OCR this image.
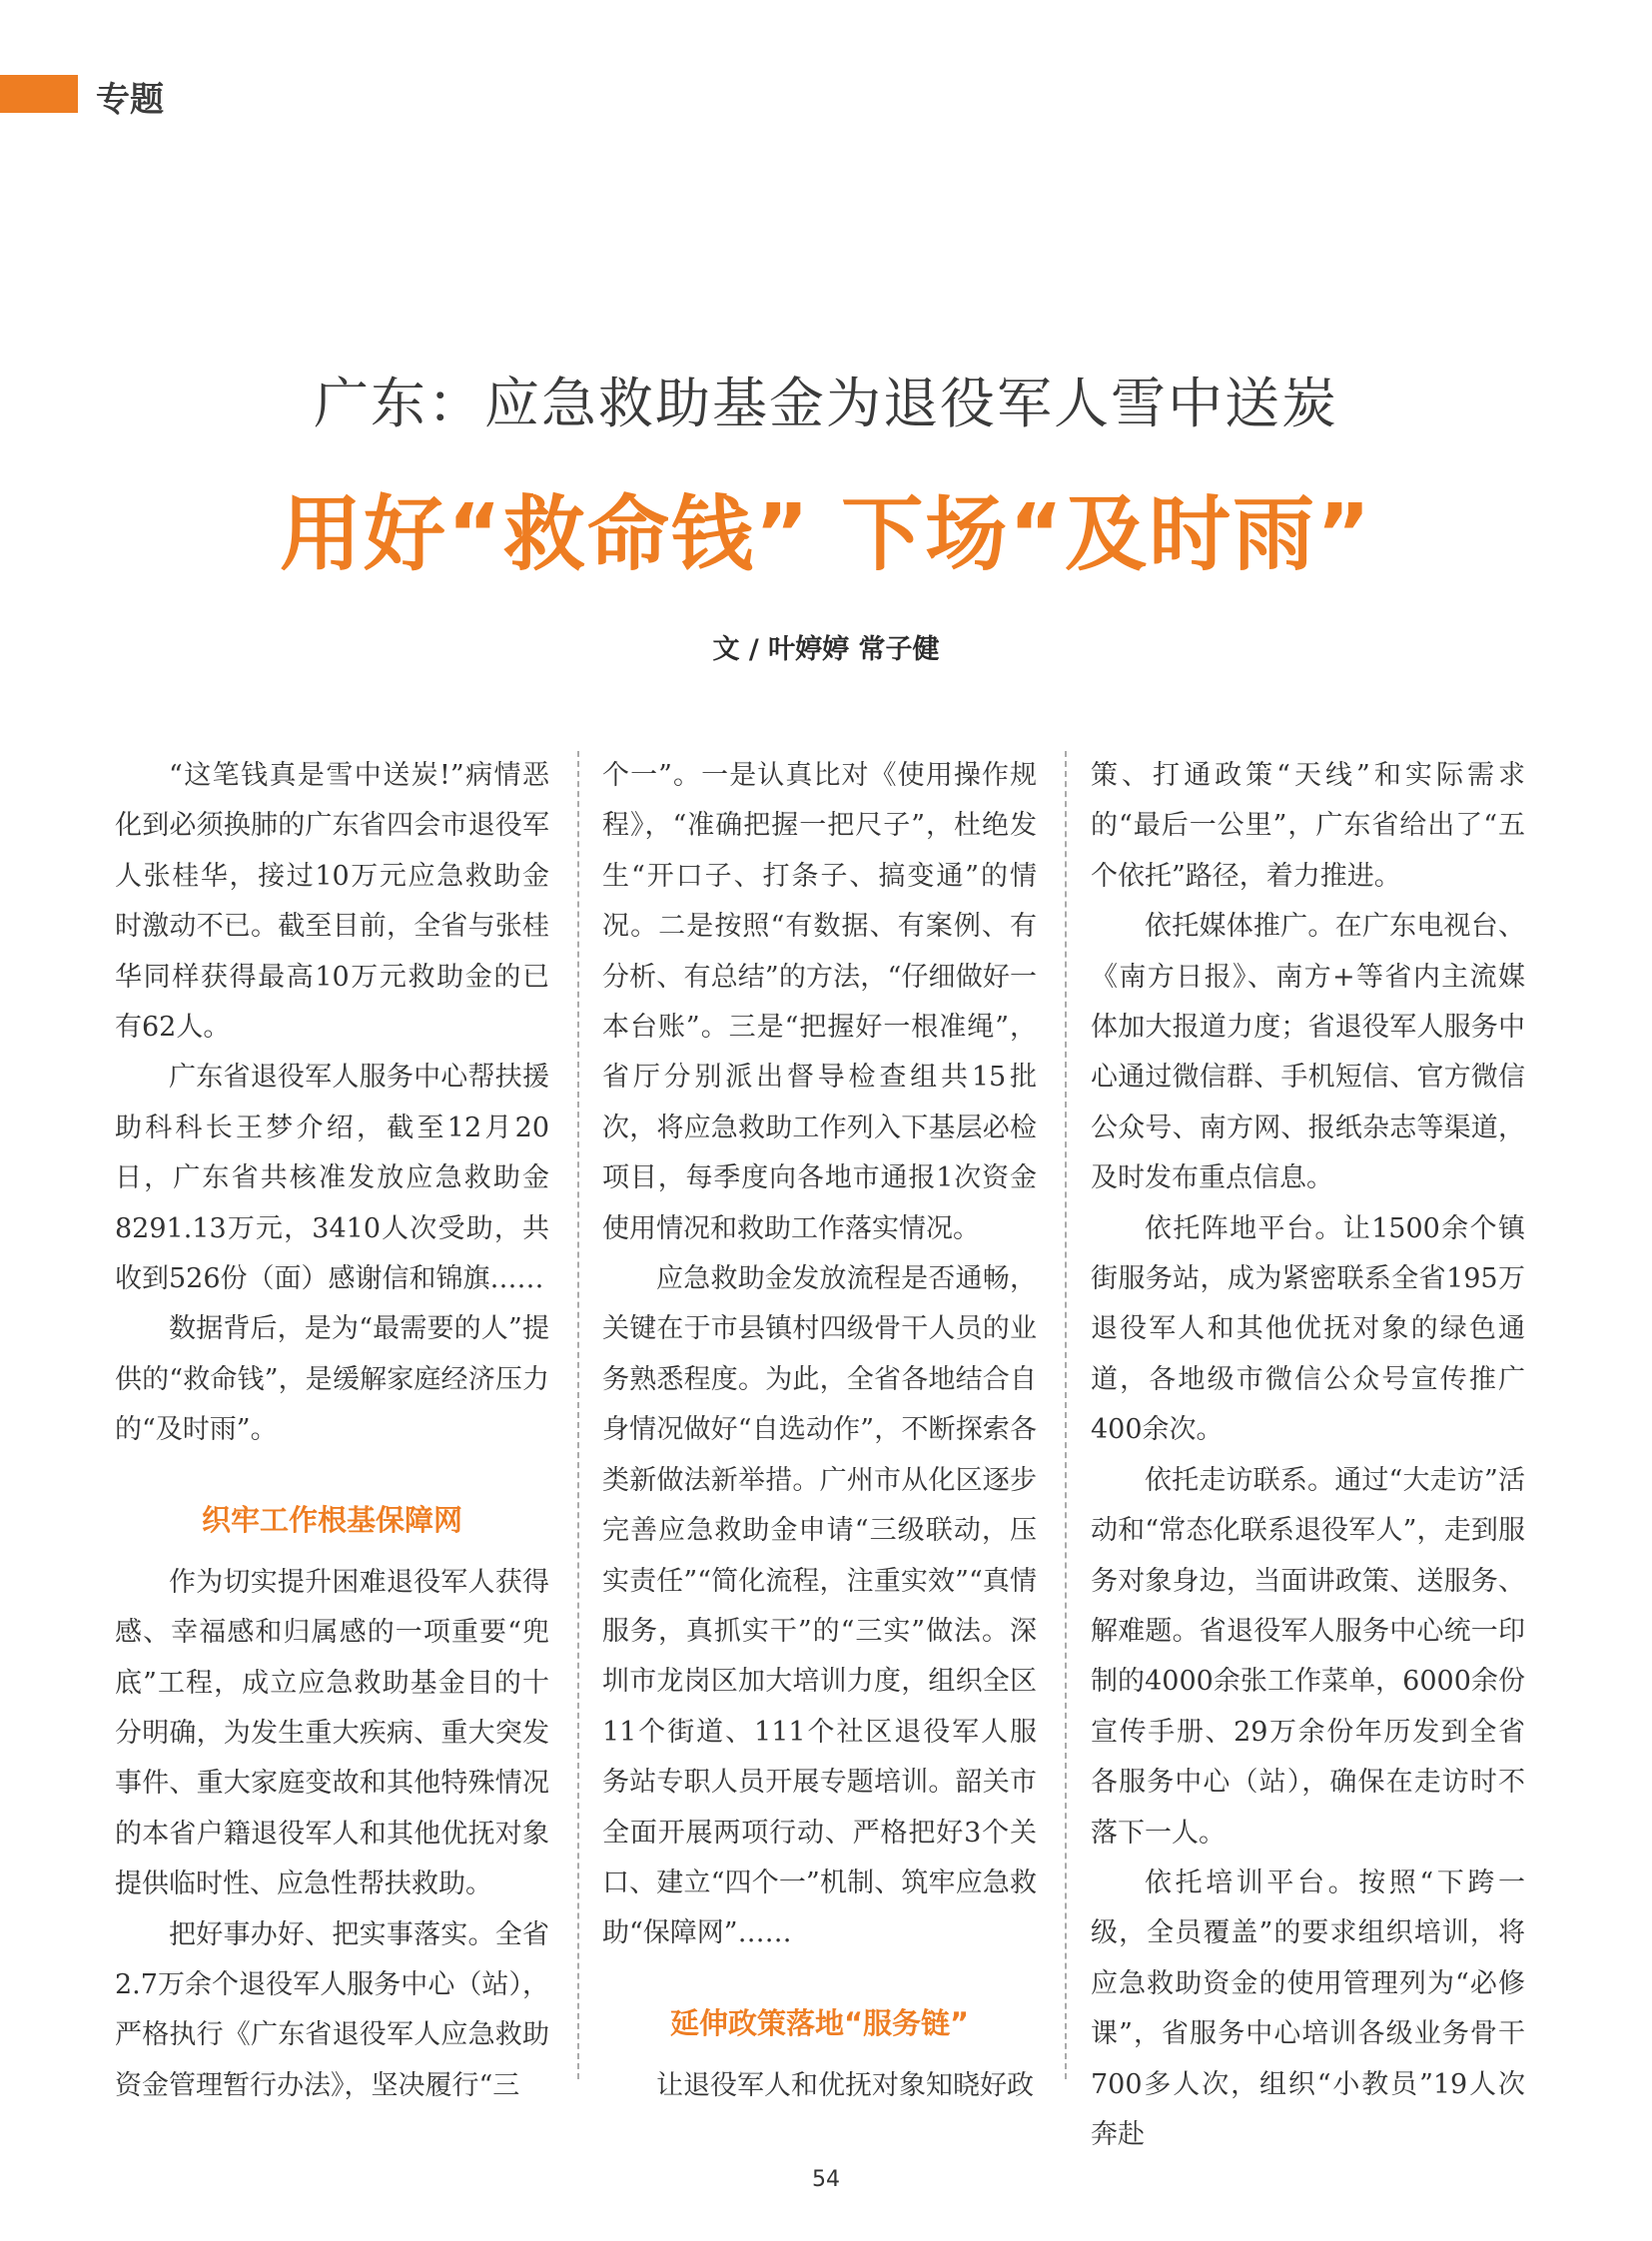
专题
广东：应急救助基金为退役军人雪中送炭
用好“救命钱” 下场“及时雨”
文 / 叶婷婷 常子健

“这笔钱真是雪中送炭!”病情恶化到必须换肺的广东省四会市退役军人张桂华，接过10万元应急救助金时激动不已。截至目前，全省与张桂华同样获得最高10万元救助金的已有62人。

广东省退役军人服务中心帮扶援助科科长王梦介绍，截至12月20日，广东省共核准发放应急救助金8291.13万元，3410人次受助，共收到526份（面）感谢信和锦旗……

数据背后，是为“最需要的人”提供的“救命钱”，是缓解家庭经济压力的“及时雨”。

织牢工作根基保障网

作为切实提升困难退役军人获得感、幸福感和归属感的一项重要“兜底”工程，成立应急救助基金目的十分明确，为发生重大疾病、重大突发事件、重大家庭变故和其他特殊情况的本省户籍退役军人和其他优抚对象提供临时性、应急性帮扶救助。

把好事办好、把实事落实。全省2.7万余个退役军人服务中心（站），严格执行《广东省退役军人应急救助资金管理暂行办法》，坚决履行“三

个一”。一是认真比对《使用操作规程》，“准确把握一把尺子”，杜绝发生“开口子、打条子、搞变通”的情况。二是按照“有数据、有案例、有分析、有总结”的方法，“仔细做好一本台账”。三是“把握好一根准绳”，省厅分别派出督导检查组共15批次，将应急救助工作列入下基层必检项目，每季度向各地市通报1次资金使用情况和救助工作落实情况。

应急救助金发放流程是否通畅，关键在于市县镇村四级骨干人员的业务熟悉程度。为此，全省各地结合自身情况做好“自选动作”，不断探索各类新做法新举措。广州市从化区逐步完善应急救助金申请“三级联动，压实责任”“简化流程，注重实效”“真情服务，真抓实干”的“三实”做法。深圳市龙岗区加大培训力度，组织全区11个街道、111个社区退役军人服务站专职人员开展专题培训。韶关市全面开展两项行动、严格把好3个关口、建立“四个一”机制、筑牢应急救助“保障网”……

延伸政策落地“服务链”

让退役军人和优抚对象知晓好政

策、打通政策“天线”和实际需求的“最后一公里”，广东省给出了“五个依托”路径，着力推进。

依托媒体推广。在广东电视台、《南方日报》、南方+等省内主流媒体加大报道力度；省退役军人服务中心通过微信群、手机短信、官方微信公众号、南方网、报纸杂志等渠道，及时发布重点信息。

依托阵地平台。让1500余个镇街服务站，成为紧密联系全省195万退役军人和其他优抚对象的绿色通道，各地级市微信公众号宣传推广400余次。

依托走访联系。通过“大走访”活动和“常态化联系退役军人”，走到服务对象身边，当面讲政策、送服务、解难题。省退役军人服务中心统一印制的4000余张工作菜单，6000余份宣传手册、29万余份年历发到全省各服务中心（站），确保在走访时不落下一人。

依托培训平台。按照“下跨一级，全员覆盖”的要求组织培训，将应急救助资金的使用管理列为“必修课”，省服务中心培训各级业务骨干700多人次，组织“小教员”19人次奔赴

54
